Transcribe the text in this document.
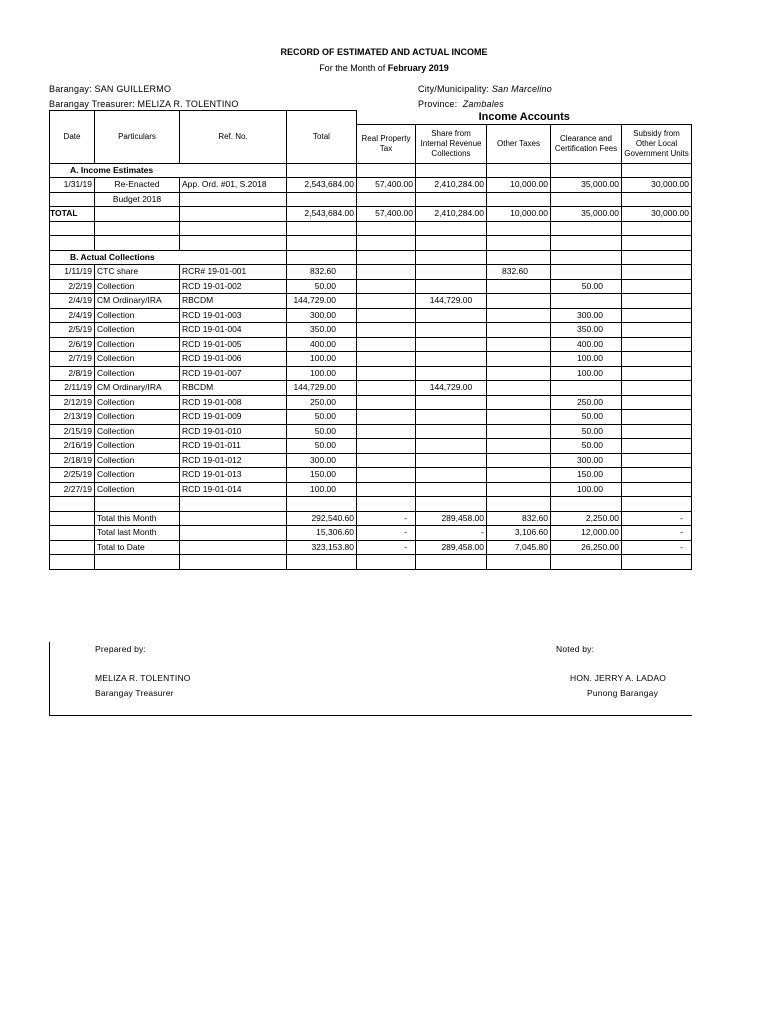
RECORD OF ESTIMATED AND ACTUAL INCOME
For the Month of February 2019
Barangay: SAN GUILLERMO
Barangay Treasurer: MELIZA R. TOLENTINO
City/Municipality: San Marcelino
Province: Zambales
Date	Particulars	Ref. No.	Total	Income Accounts				
				Real Property Tax	Share from Internal Revenue Collections	Other Taxes	Clearance and Certification Fees	Subsidy from Other Local Government Units
A. Income Estimates								
1/31/19	Re-Enacted	App. Ord. #01, S.2018	2,543,684.00	57,400.00	2,410,284.00	10,000.00	35,000.00	30,000.00
	Budget 2018							
TOTAL			2,543,684.00	57,400.00	2,410,284.00	10,000.00	35,000.00	30,000.00

B. Actual Collections								
1/11/19	CTC share	RCR# 19-01-001	832.60			832.60		
2/2/19	Collection	RCD 19-01-002	50.00				50.00	
2/4/19	CM Ordinary/IRA	RBCDM	144,729.00		144,729.00			
2/4/19	Collection	RCD 19-01-003	300.00				300.00	
2/5/19	Collection	RCD 19-01-004	350.00				350.00	
2/6/19	Collection	RCD 19-01-005	400.00				400.00	
2/7/19	Collection	RCD 19-01-006	100.00				100.00	
2/8/19	Collection	RCD 19-01-007	100.00				100.00	
2/11/19	CM Ordinary/IRA	RBCDM	144,729.00		144,729.00			
2/12/19	Collection	RCD 19-01-008	250.00				250.00	
2/13/19	Collection	RCD 19-01-009	50.00				50.00	
2/15/19	Collection	RCD 19-01-010	50.00				50.00	
2/16/19	Collection	RCD 19-01-011	50.00				50.00	
2/18/19	Collection	RCD 19-01-012	300.00				300.00	
2/25/19	Collection	RCD 19-01-013	150.00				150.00	
2/27/19	Collection	RCD 19-01-014	100.00				100.00	

	Total this Month		292,540.60	-	289,458.00	832.60	2,250.00	-
	Total last Month		15,306.60	-	-	3,106.60	12,000.00	-
	Total to Date		323,153.80	-	289,458.00	7,045.80	26,250.00	-

Prepared by:
MELIZA R. TOLENTINO
Barangay Treasurer
Noted by:
HON. JERRY A. LADAO
Punong Barangay
